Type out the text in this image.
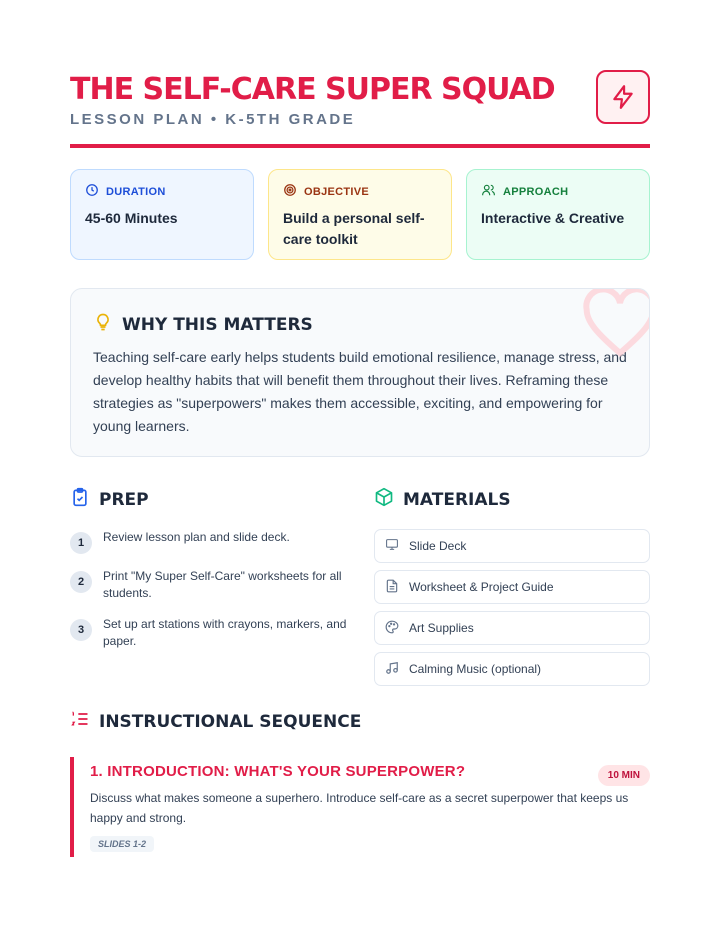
THE SELF-CARE SUPER SQUAD
LESSON PLAN • K-5TH GRADE
DURATION
45-60 Minutes
OBJECTIVE
Build a personal self-care toolkit
APPROACH
Interactive & Creative
WHY THIS MATTERS
Teaching self-care early helps students build emotional resilience, manage stress, and develop healthy habits that will benefit them throughout their lives. Reframing these strategies as "superpowers" makes them accessible, exciting, and empowering for young learners.
PREP
1	Review lesson plan and slide deck.
2	Print "My Super Self-Care" worksheets for all students.
3	Set up art stations with crayons, markers, and paper.
MATERIALS
Slide Deck
Worksheet & Project Guide
Art Supplies
Calming Music (optional)
INSTRUCTIONAL SEQUENCE
1. INTRODUCTION: WHAT'S YOUR SUPERPOWER?	10 MIN
Discuss what makes someone a superhero. Introduce self-care as a secret superpower that keeps us happy and strong.
SLIDES 1-2
